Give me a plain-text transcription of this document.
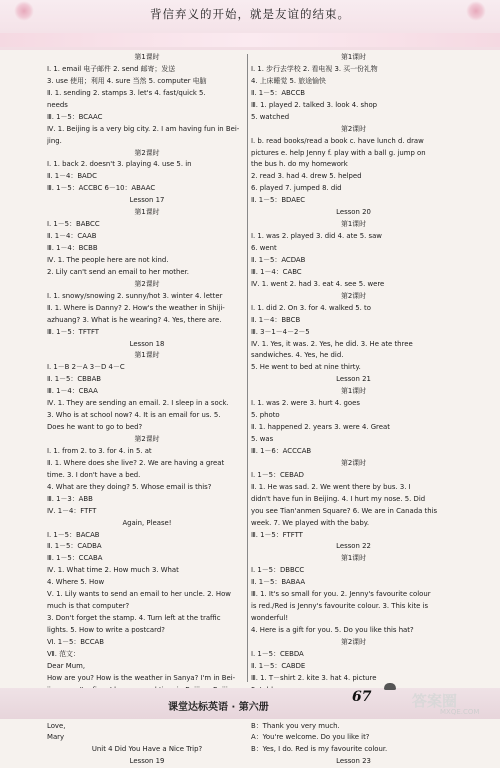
背信弃义的开始，就是友谊的结束。
第1课时
Ⅰ. 1. email 电子邮件 2. send 邮寄；发送
3. use 使用；利用 4. sure 当然 5. computer 电脑
Ⅱ. 1. sending 2. stamps 3. let's 4. fast/quick 5.
needs
Ⅲ. 1－5：BCAAC
Ⅳ. 1. Beijing is a very big city. 2. I am having fun in Bei-
jing.
第2课时
Ⅰ. 1. back 2. doesn't 3. playing 4. use 5. in
Ⅱ. 1－4：BADC
Ⅲ. 1－5：ACCBC 6－10：ABAAC
Lesson 17
第1课时
Ⅰ. 1－5：BABCC
Ⅱ. 1－4：CAAB
Ⅲ. 1－4：BCBB
Ⅳ. 1. The people here are not kind.
2. Lily can't send an email to her mother.
第2课时
Ⅰ. 1. snowy/snowing 2. sunny/hot 3. winter 4. letter
Ⅱ. 1. Where is Danny? 2. How's the weather in Shiji-
azhuang? 3. What is he wearing? 4. Yes, there are.
Ⅲ. 1－5：TFTFT
Lesson 18
第1课时
Ⅰ. 1－B 2－A 3－D 4－C
Ⅱ. 1－5：CBBAB
Ⅲ. 1－4：CBAA
Ⅳ. 1. They are sending an email. 2. I sleep in a sock.
3. Who is at school now? 4. It is an email for us. 5.
Does he want to go to bed?
第2课时
Ⅰ. 1. from 2. to 3. for 4. in 5. at
Ⅱ. 1. Where does she live? 2. We are having a great
time. 3. I don't have a bed.
4. What are they doing? 5. Whose email is this?
Ⅲ. 1－3：ABB
Ⅳ. 1－4：FTFT
Again, Please!
Ⅰ. 1－5：BACAB
Ⅱ. 1－5：CADBA
Ⅲ. 1－5：CCABA
Ⅳ. 1. What time 2. How much 3. What
4. Where 5. How
Ⅴ. 1. Lily wants to send an email to her uncle. 2. How
much is that computer?
3. Don't forget the stamp. 4. Turn left at the traffic
lights. 5. How to write a postcard?
Ⅵ. 1－5：BCCAB
Ⅶ. 范文：
Dear Mum,
How are you? How is the weather in Sanya? I'm in Bei-
Love,
Mary
Unit 4 Did You Have a Nice Trip?
Lesson 19
第1课时
Ⅰ. 1. 步行去学校 2. 看电视 3. 买一份礼物
4. 上床睡觉 5. 旅途愉快
Ⅱ. 1－5：ABCCB
Ⅲ. 1. played 2. talked 3. look 4. shop
5. watched
第2课时
Ⅰ. b. read books/read a book c. have lunch d. draw
pictures e. help Jenny f. play with a ball g. jump on
the bus h. do my homework
2. read 3. had 4. drew 5. helped
6. played 7. jumped 8. did
Ⅱ. 1－5：BDAEC
Lesson 20
第1课时
Ⅰ. 1. was 2. played 3. did 4. ate 5. saw
6. went
Ⅱ. 1－5：ACDAB
Ⅲ. 1－4：CABC
Ⅳ. 1. went 2. had 3. eat 4. see 5. were
第2课时
Ⅰ. 1. did 2. On 3. for 4. walked 5. to
Ⅱ. 1－4：BBCB
Ⅲ. 3－1－4－2－5
Ⅳ. 1. Yes, it was. 2. Yes, he did. 3. He ate three
sandwiches. 4. Yes, he did.
5. He went to bed at nine thirty.
Lesson 21
第1课时
Ⅰ. 1. was 2. were 3. hurt 4. goes
5. photo
Ⅱ. 1. happened 2. years 3. were 4. Great
5. was
Ⅲ. 1－6：ACCCAB
第2课时
Ⅰ. 1－5：CEBAD
Ⅱ. 1. He was sad. 2. We went there by bus. 3. I
didn't have fun in Beijing. 4. I hurt my nose. 5. Did
you see Tian'anmen Square? 6. We are in Canada this
week. 7. We played with the baby.
Ⅲ. 1－5：FTFTT
Lesson 22
第1课时
Ⅰ. 1－5：DBBCC
Ⅱ. 1－5：BABAA
Ⅲ. 1. It's so small for you. 2. Jenny's favourite colour
is red./Red is Jenny's favourite colour. 3. This kite is
wonderful!
4. Here is a gift for you. 5. Do you like this hat?
第2课时
Ⅰ. 1－5：CEBDA
Ⅱ. 1－5：CABDE
Ⅲ. 1. T－shirt 2. kite 3. hat 4. picture
B：Thank you very much.
A：You're welcome. Do you like it?
B：Yes, I do. Red is my favourite colour.
Lesson 23
课堂达标英语 · 第六册
67	答案圈
MXQE.COM
